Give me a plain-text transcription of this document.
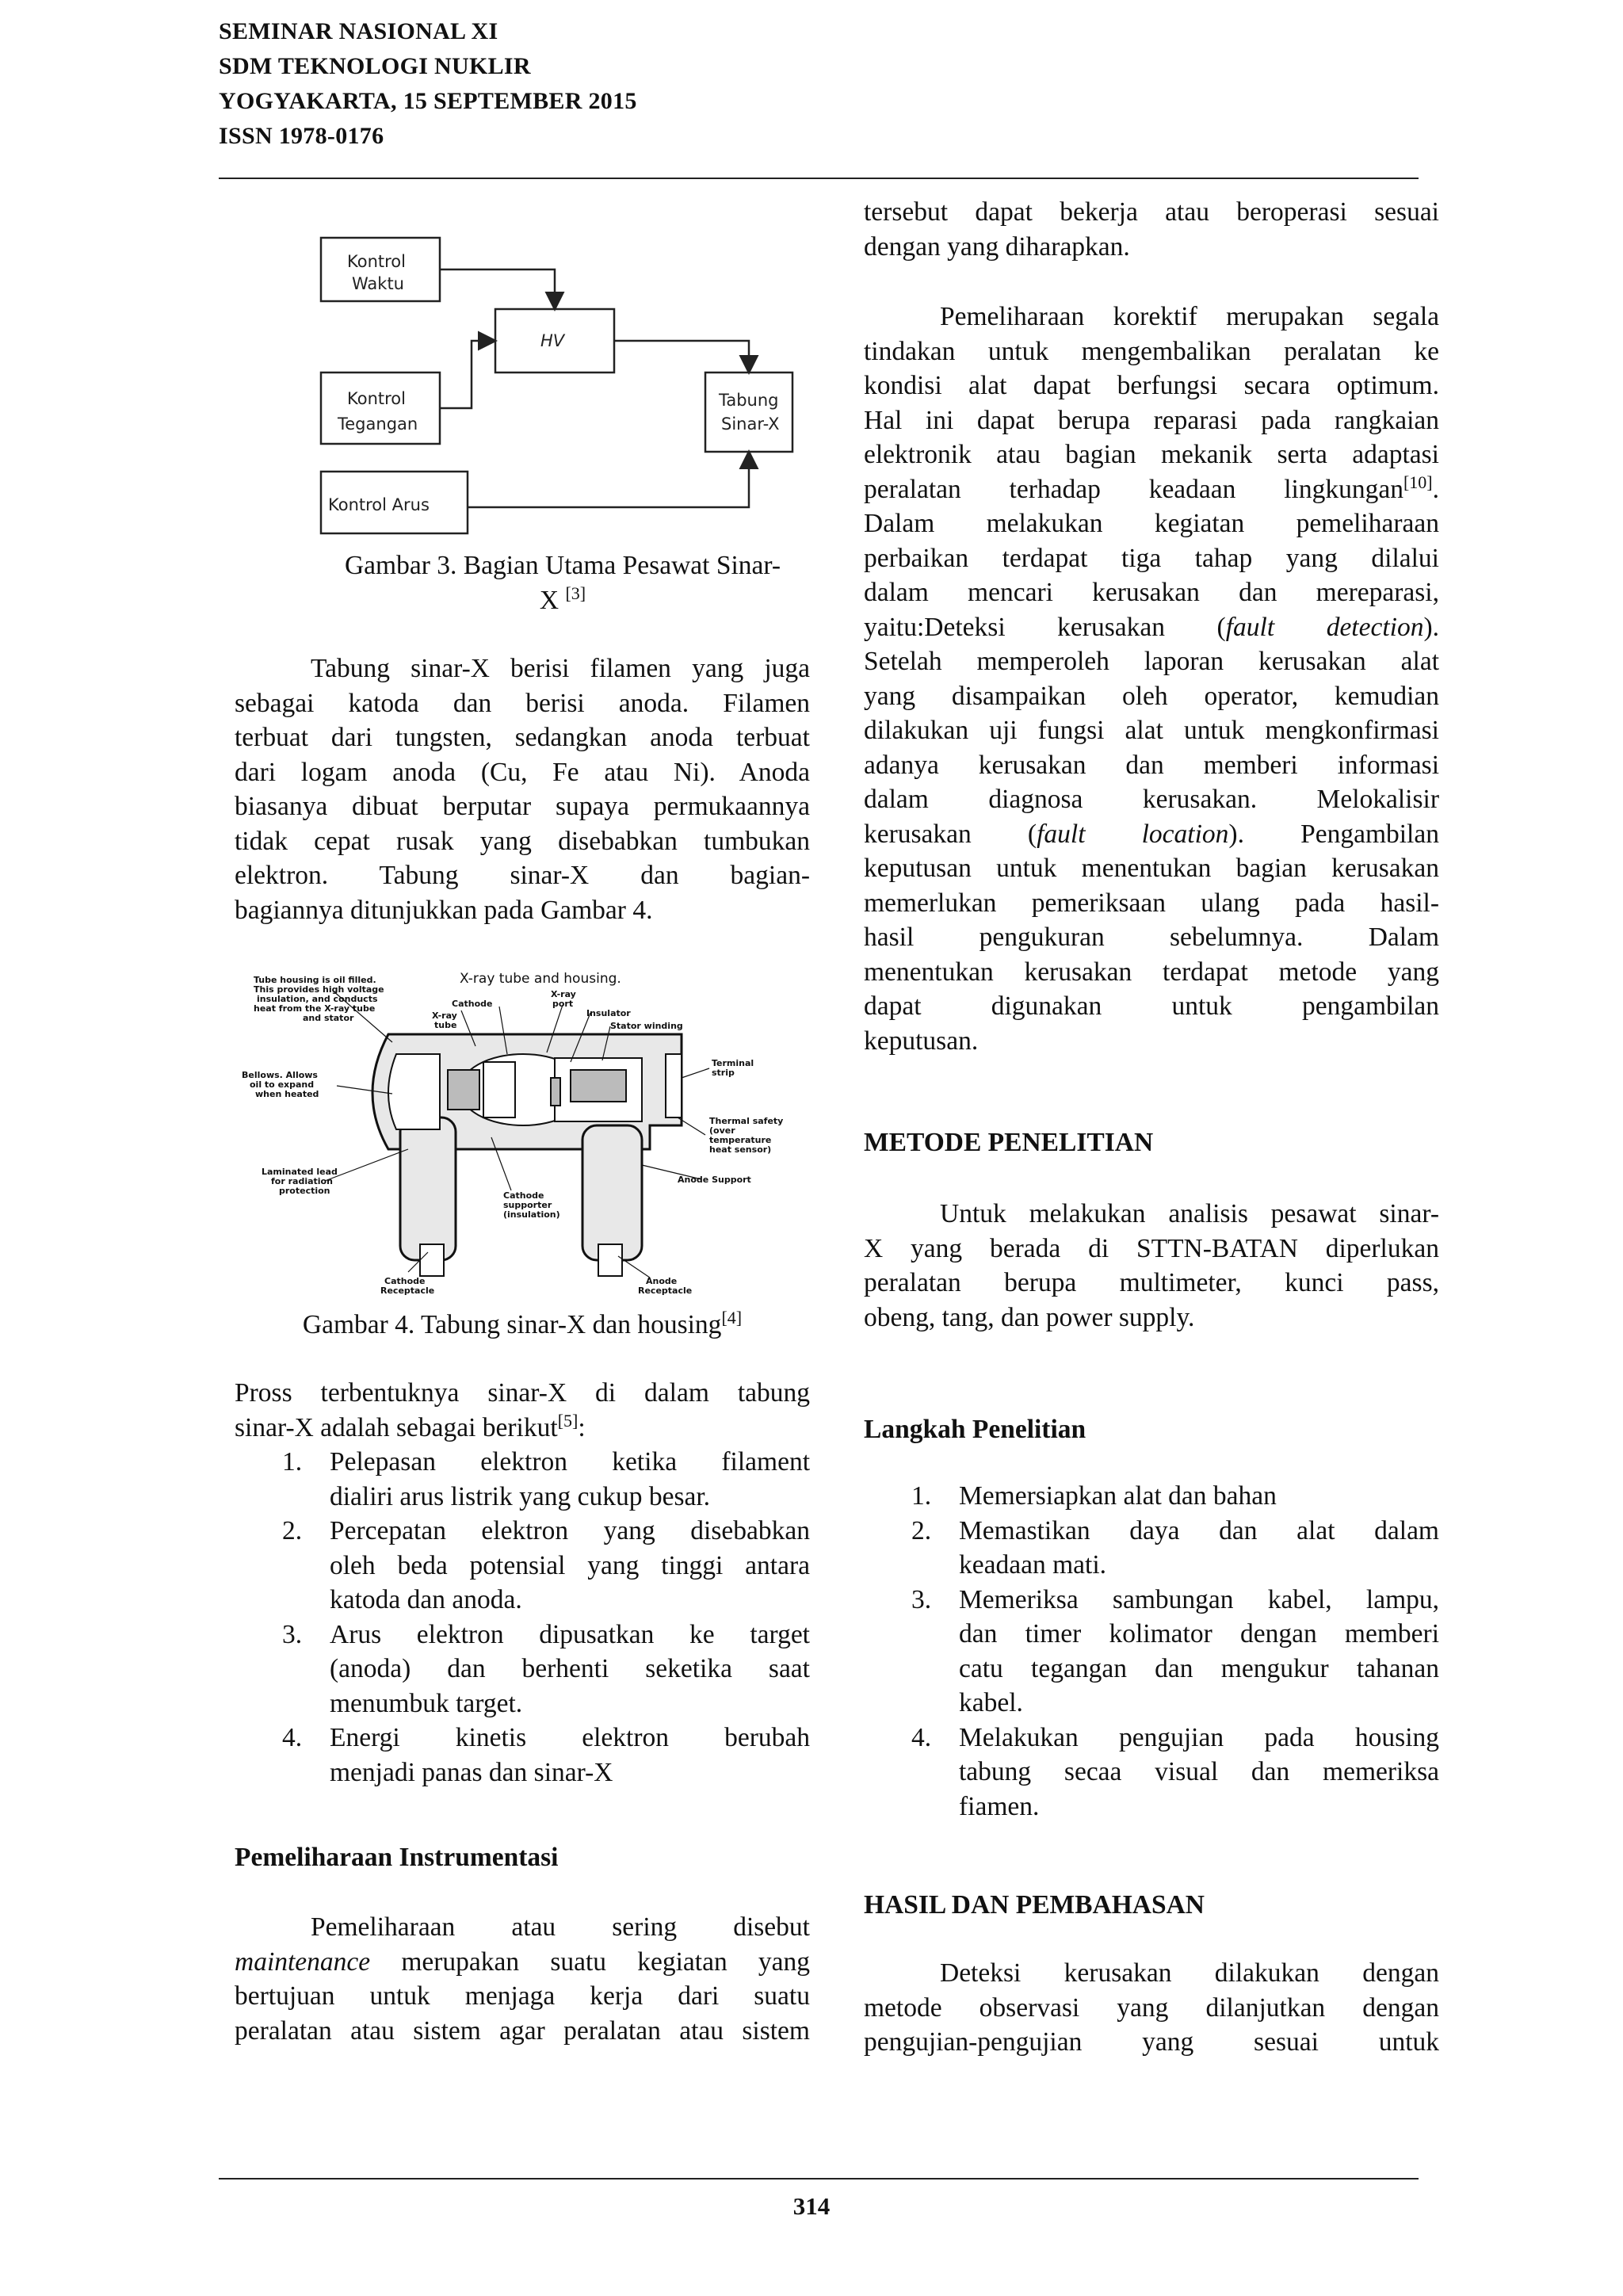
SEMINAR NASIONAL XI
SDM TEKNOLOGI NUKLIR
YOGYAKARTA, 15 SEPTEMBER 2015
ISSN 1978-0176
Kontrol
Waktu
HV
Kontrol
Tegangan
Tabung
Sinar-X
Kontrol Arus
Gambar 3. Bagian Utama Pesawat Sinar-
X [3]

Tabung sinar-X berisi filamen yang juga

sebagai katoda dan berisi anoda. Filamen

terbuat dari tungsten, sedangkan anoda terbuat

dari logam anoda (Cu, Fe atau Ni). Anoda

biasanya dibuat berputar supaya permukaannya

tidak cepat rusak yang disebabkan tumbukan

elektron. Tabung sinar-X dan bagian-

bagiannya ditunjukkan pada Gambar 4.

X-ray tube and housing.
Tube housing is oil filled.
This provides high voltage
insulation, and conducts
heat from the X-ray tube
and stator
Cathode
X-ray
port
X-ray
tube
Insulator
Stator winding
Bellows. Allows
oil to expand
when heated
Terminal
strip
Thermal safety
(over
temperature
heat sensor)
Laminated lead
for radiation
protection
Anode Support
Cathode
supporter
(insulation)
Cathode
Receptacle
Anode
Receptacle
Gambar 4. Tabung sinar-X dan housing[4]

Pross terbentuknya sinar-X di dalam tabung

sinar-X adalah sebagai berikut[5]:

1.	Pelepasan elektron ketika filament

dialiri arus listrik yang cukup besar.

2.	Percepatan elektron yang disebabkan

oleh beda potensial yang tinggi antara

katoda dan anoda.

3.	Arus elektron dipusatkan ke target

(anoda) dan berhenti seketika saat

menumbuk target.

4.	Energi kinetis elektron berubah

menjadi panas dan sinar-X

Pemeliharaan Instrumentasi

Pemeliharaan atau sering disebut

maintenance merupakan suatu kegiatan yang

bertujuan untuk menjaga kerja dari suatu

peralatan atau sistem agar peralatan atau sistem

tersebut dapat bekerja atau beroperasi sesuai

dengan yang diharapkan.

Pemeliharaan korektif merupakan segala

tindakan untuk mengembalikan peralatan ke

kondisi alat dapat berfungsi secara optimum.

Hal ini dapat berupa reparasi pada rangkaian

elektronik atau bagian mekanik serta adaptasi

peralatan terhadap keadaan lingkungan[10].

Dalam melakukan kegiatan pemeliharaan

perbaikan terdapat tiga tahap yang dilalui

dalam mencari kerusakan dan mereparasi,

yaitu:Deteksi kerusakan (fault detection).

Setelah memperoleh laporan kerusakan alat

yang disampaikan oleh operator, kemudian

dilakukan uji fungsi alat untuk mengkonfirmasi

adanya kerusakan dan memberi informasi

dalam diagnosa kerusakan. Melokalisir

kerusakan (fault location). Pengambilan

keputusan untuk menentukan bagian kerusakan

memerlukan pemeriksaan ulang pada hasil-

hasil pengukuran sebelumnya. Dalam

menentukan kerusakan terdapat metode yang

dapat digunakan untuk pengambilan

keputusan.

METODE PENELITIAN

Untuk melakukan analisis pesawat sinar-

X yang berada di STTN-BATAN diperlukan

peralatan berupa multimeter, kunci pass,

obeng, tang, dan power supply.

Langkah Penelitian
1.	Memersiapkan alat dan bahan

2.	Memastikan daya dan alat dalam

keadaan mati.

3.	Memeriksa sambungan kabel, lampu,

dan timer kolimator dengan memberi

catu tegangan dan mengukur tahanan

kabel.

4.	Melakukan pengujian pada housing

tabung secaa visual dan memeriksa

fiamen.

HASIL DAN PEMBAHASAN

Deteksi kerusakan dilakukan dengan

metode observasi yang dilanjutkan dengan

pengujian-pengujian yang sesuai untuk

314
